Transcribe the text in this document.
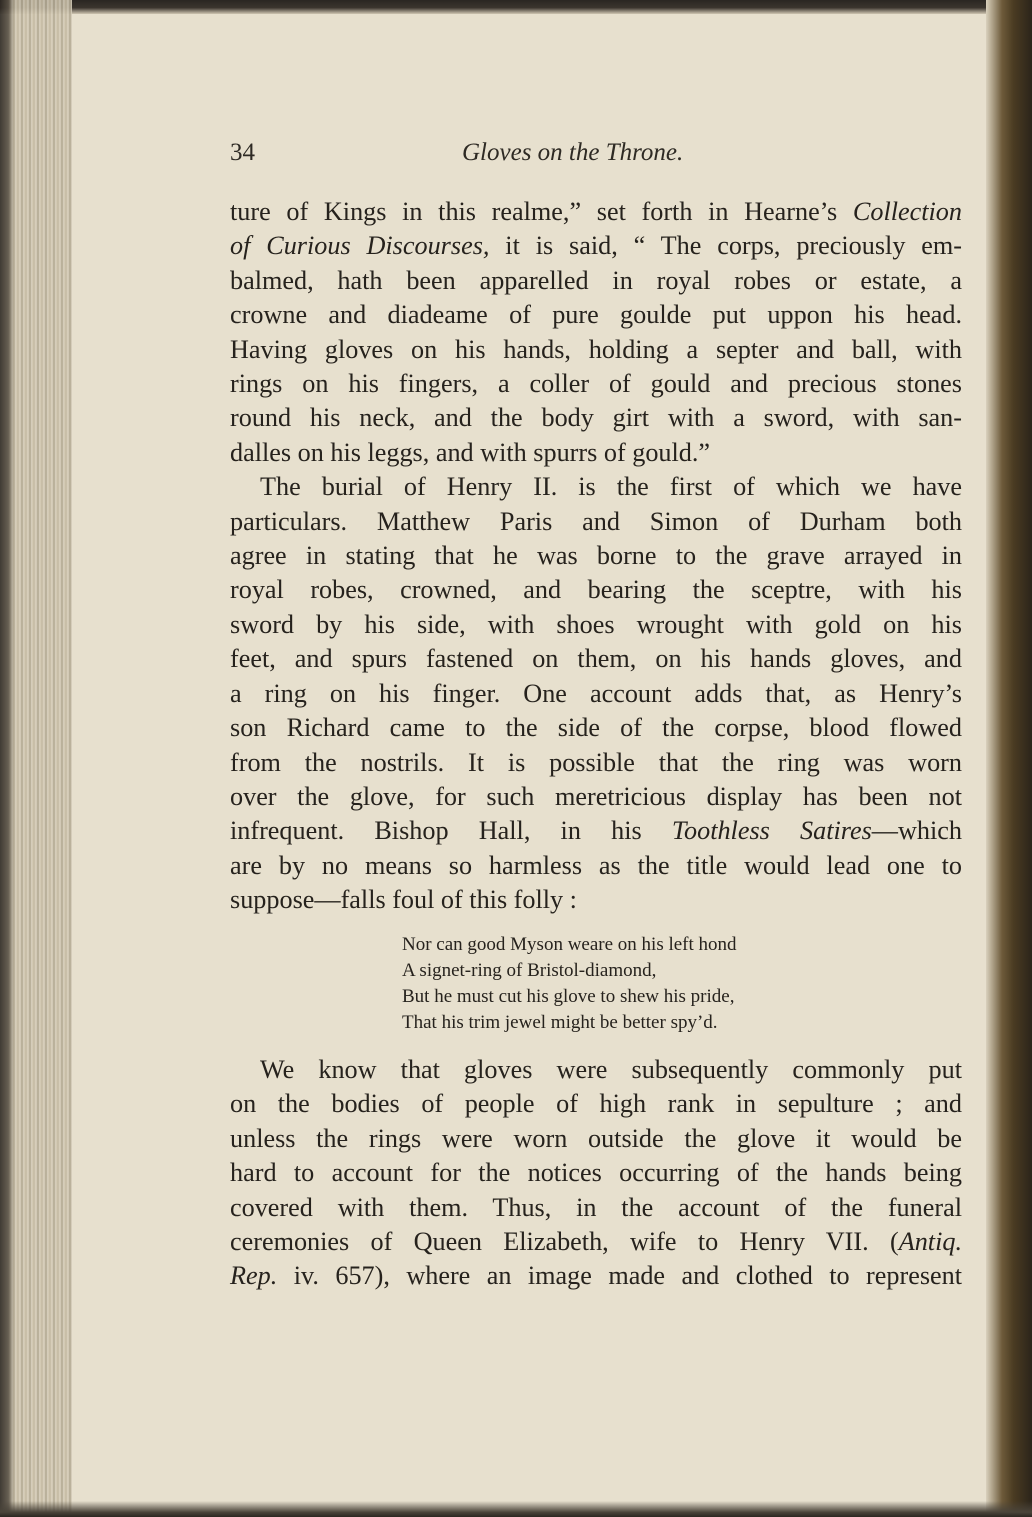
34	Gloves on the Throne.
ture of Kings in this realme,” set forth in Hearne’s Collection
of Curious Discourses, it is said, “ The corps, preciously em-
balmed, hath been apparelled in royal robes or estate, a
crowne and diadeame of pure goulde put uppon his head.
Having gloves on his hands, holding a septer and ball, with
rings on his fingers, a coller of gould and precious stones
round his neck, and the body girt with a sword, with san-
dalles on his leggs, and with spurrs of gould.”
The burial of Henry II. is the first of which we have
particulars. Matthew Paris and Simon of Durham both
agree in stating that he was borne to the grave arrayed in
royal robes, crowned, and bearing the sceptre, with his
sword by his side, with shoes wrought with gold on his
feet, and spurs fastened on them, on his hands gloves, and
a ring on his finger. One account adds that, as Henry’s
son Richard came to the side of the corpse, blood flowed
from the nostrils. It is possible that the ring was worn
over the glove, for such meretricious display has been not
infrequent. Bishop Hall, in his Toothless Satires—which
are by no means so harmless as the title would lead one to
suppose—falls foul of this folly :
Nor can good Myson weare on his left hond
A signet-ring of Bristol-diamond,
But he must cut his glove to shew his pride,
That his trim jewel might be better spy’d.
We know that gloves were subsequently commonly put
on the bodies of people of high rank in sepulture ; and
unless the rings were worn outside the glove it would be
hard to account for the notices occurring of the hands being
covered with them. Thus, in the account of the funeral
ceremonies of Queen Elizabeth, wife to Henry VII. (Antiq.
Rep. iv. 657), where an image made and clothed to represent
